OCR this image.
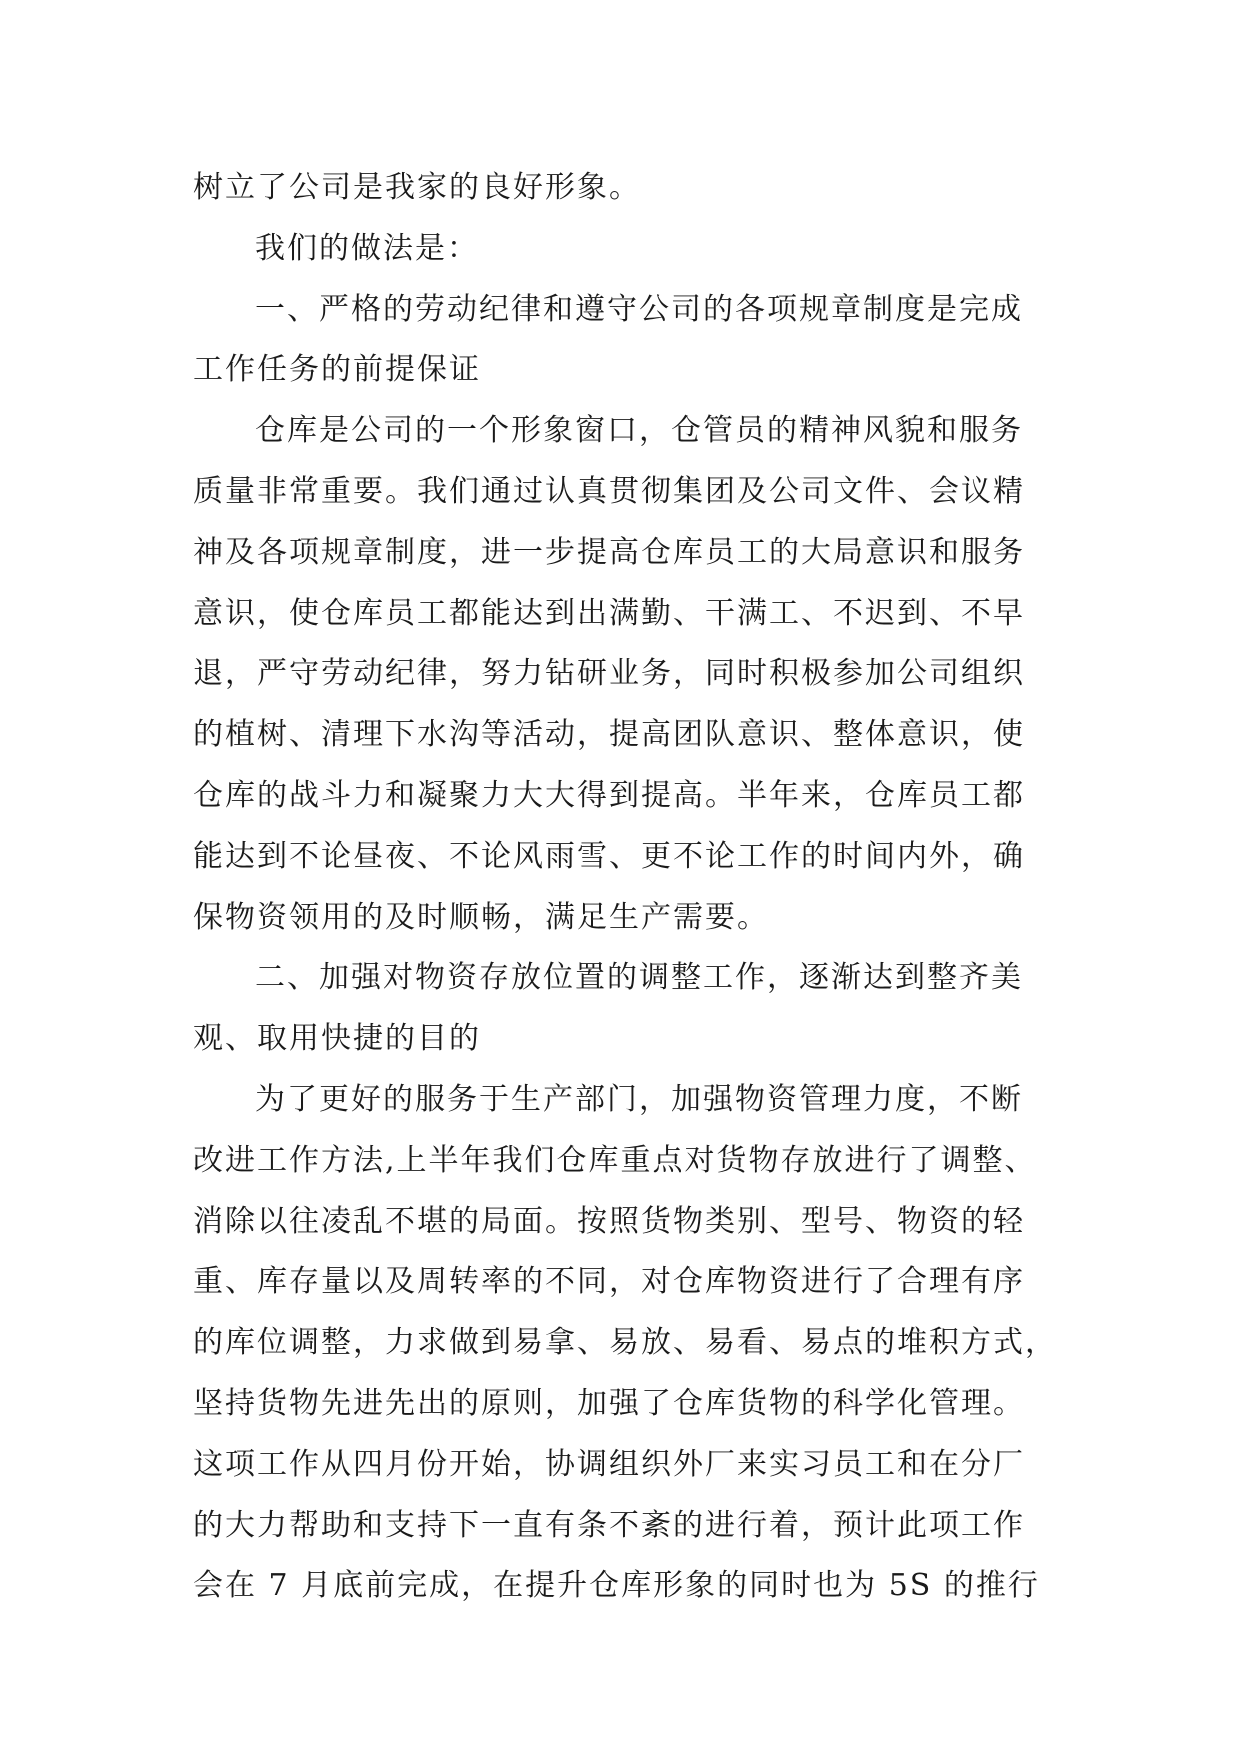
树立了公司是我家的良好形象。
我们的做法是：
一、严格的劳动纪律和遵守公司的各项规章制度是完成
工作任务的前提保证
仓库是公司的一个形象窗口，仓管员的精神风貌和服务
质量非常重要。我们通过认真贯彻集团及公司文件、会议精
神及各项规章制度，进一步提高仓库员工的大局意识和服务
意识，使仓库员工都能达到出满勤、干满工、不迟到、不早
退，严守劳动纪律，努力钻研业务，同时积极参加公司组织
的植树、清理下水沟等活动，提高团队意识、整体意识，使
仓库的战斗力和凝聚力大大得到提高。半年来，仓库员工都
能达到不论昼夜、不论风雨雪、更不论工作的时间内外，确
保物资领用的及时顺畅，满足生产需要。
二、加强对物资存放位置的调整工作，逐渐达到整齐美
观、取用快捷的目的
为了更好的服务于生产部门，加强物资管理力度，不断
改进工作方法,上半年我们仓库重点对货物存放进行了调整、
消除以往凌乱不堪的局面。按照货物类别、型号、物资的轻
重、库存量以及周转率的不同，对仓库物资进行了合理有序
的库位调整，力求做到易拿、易放、易看、易点的堆积方式，
坚持货物先进先出的原则，加强了仓库货物的科学化管理。
这项工作从四月份开始，协调组织外厂来实习员工和在分厂
的大力帮助和支持下一直有条不紊的进行着，预计此项工作
会在 7 月底前完成，在提升仓库形象的同时也为 5S 的推行
